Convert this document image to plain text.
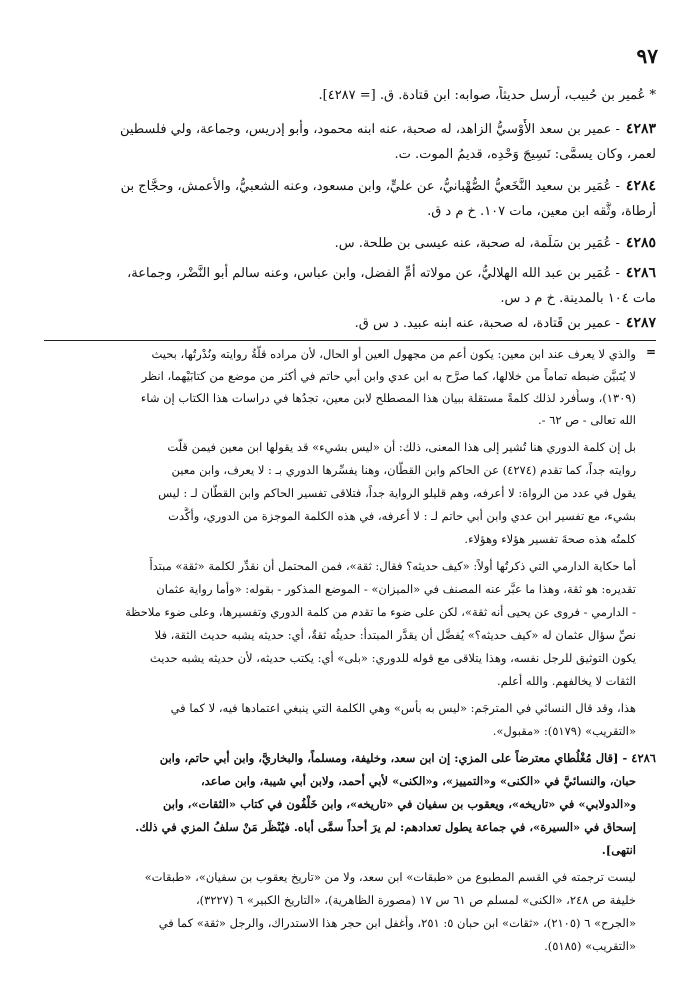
٩٧
* عُمير بن حُبيب، أرسل حديثاً، صوابه: ابن قتادة. ق. [= ٤٢٨٧].
٤٢٨٣- عمير بن سعد الأَوْسيُّ الزاهد، له صحبة، عنه ابنه محمود، وأبو إدريس، وجماعة، ولي فلسطين
لعمر، وكان يسمَّى: نَسِيجَ وَحْدِه، قديمُ الموت. ت.
٤٢٨٤- عُمَير بن سعيد النَّخَعيُّ الصُّهْبانيُّ، عن عليٍّ، وابن مسعود، وعنه الشعبيُّ، والأعمش، وحجَّاج بن
أرطاة، وثَّقه ابن معين، مات ١٠٧. خ م د ق.
٤٢٨٥- عُمَير بن سَلَمة، له صحبة، عنه عيسى بن طلحة. س.
٤٢٨٦- عُمَير بن عبد الله الهلاليُّ، عن مولاته أمِّ الفضل، وابن عباس، وعنه سالم أبو النَّضْر، وجماعة،
مات ١٠٤ بالمدينة. خ م د س.
٤٢٨٧- عمير بن قَتادة، له صحبة، عنه ابنه عبيد. د س ق.
=
والذي لا يعرف عند ابن معين: يكون أعم من مجهول العين أو الحال، لأن مراده قلَّةُ روايته ونُدْرتُها، بحيث
لا يُتَبيَّن ضبطه تماماً من خلالها، كما صرَّح به ابن عدي وابن أبي حاتم في أكثر من موضع من كتابَيْهما، انظر
(١٣٠٩)، وسأُفرد لذلك كلمةً مستقلة ببيان هذا المصطلح لابن معين، تجدُها في دراسات هذا الكتاب إن شاء
الله تعالى - ص ٦٢ -.
بل إن كلمة الدوري هنا تُشير إلى هذا المعنى، ذلك: أن «ليس بشيء» قد يقولها ابن معين فيمن قلَّت
روايته جداً، كما تقدم (٤٢٧٤) عن الحاكم وابن القطَّان، وهنا يفسِّرها الدوري بـ : لا يعرف، وابن معين
يقول في عدد من الرواة: لا أعرفه، وهم قليلو الرواية جداً، فتلاقى تفسير الحاكم وابن القطَّان لـ : ليس
بشيء، مع تفسير ابن عدي وابن أبي حاتم لـ : لا أعرفه، في هذه الكلمة الموجزة من الدوري، وأكَّدت
كلمتُه هذه صحةَ تفسير هؤلاء وهؤلاء.
أما حكاية الدارمي التي ذكرتُها أولاً: «كيف حديثه؟ فقال: ثقة»، فمن المحتمل أن نقدِّر لكلمة «ثقة» مبتدأً
تقديره: هو ثقة، وهذا ما عبَّر عنه المصنف في «الميزان» - الموضع المذكور - بقوله: «وأما رواية عثمان
- الدارمي - فروى عن يحيى أنه ثقة»، لكن على ضوء ما تقدم من كلمة الدوري وتفسيرها، وعلى ضوء ملاحظة
نصِّ سؤال عثمان له «كيف حديثه؟» يُفضَّل أن يقدَّر المبتدأ: حديثُه ثقةٌ، أي: حديثه يشبه حديث الثقة، فلا
يكون التوثيق للرجل نفسه، وهذا يتلاقى مع قوله للدوري: «بلى» أي: يكتب حديثه، لأن حديثه يشبه حديث
الثقات لا يخالفهم. والله أعلم.
هذا، وقد قال النسائي في المترجَم: «ليس به بأس» وهي الكلمة التي ينبغي اعتمادها فيه، لا كما في
«التقريب» (٥١٧٩): «مقبول».
٤٢٨٦ - [قال مُغْلُطاي معترضاً على المزي: إن ابن سعد، وخليفة، ومسلماً، والبخاريَّ، وابن أبي حاتم، وابن
حبان، والنسائيَّ في «الكنى» و«التمييز»، و«الكنى» لأبي أحمد، ولابن أبي شيبة، وابن صاعد،
و«الدولابي» في «تاريخه»، ويعقوب بن سفيان في «تاريخه»، وابن خَلْفُون في كتاب «الثقات»، وابن
إسحاق في «السيرة»، في جماعة يطول تعدادهم: لم يرَ أحداً سمَّى أباه. فيُنْظَر مَنْ سلفُ المزي في ذلك.
انتهى].
ليست ترجمته في القسم المطبوع من «طبقات» ابن سعد، ولا من «تاريخ يعقوب بن سفيان»، «طبقات»
خليفة ص ٢٤٨، «الكنى» لمسلم ص ٦١ س ١٧ (مصورة الظاهرية)، «التاريخ الكبير» ٦ (٣٢٢٧)،
«الجرح» ٦ (٢١٠٥)، «ثقات» ابن حبان ٥: ٢٥١، وأغفل ابن حجر هذا الاستدراك، والرجل «ثقة» كما في
«التقريب» (٥١٨٥).
